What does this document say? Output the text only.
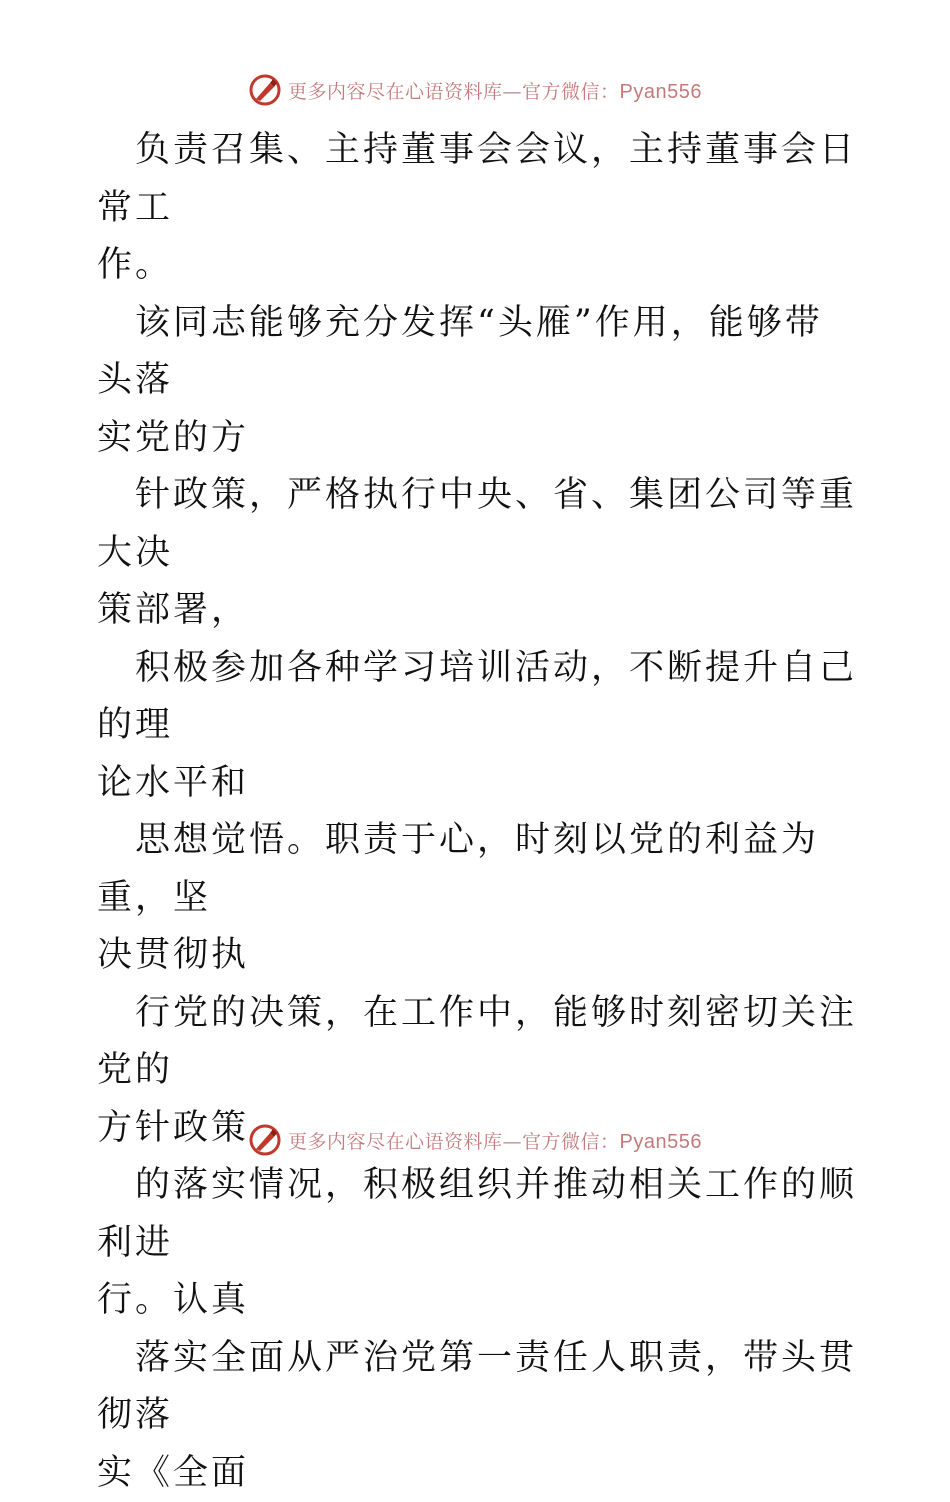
更多内容尽在心语资料库—官方微信：Pyan556

负责召集、主持董事会会议，主持董事会日常工
作。

该同志能够充分发挥“头雁”作用，能够带头落
实党的方

针政策，严格执行中央、省、集团公司等重大决
策部署，

积极参加各种学习培训活动，不断提升自己的理
论水平和

思想觉悟。职责于心，时刻以党的利益为重，坚
决贯彻执

行党的决策，在工作中，能够时刻密切关注党的
方针政策

的落实情况，积极组织并推动相关工作的顺利进
行。认真

落实全面从严治党第一责任人职责，带头贯彻落
实《全面

更多内容尽在心语资料库—官方微信：Pyan556
